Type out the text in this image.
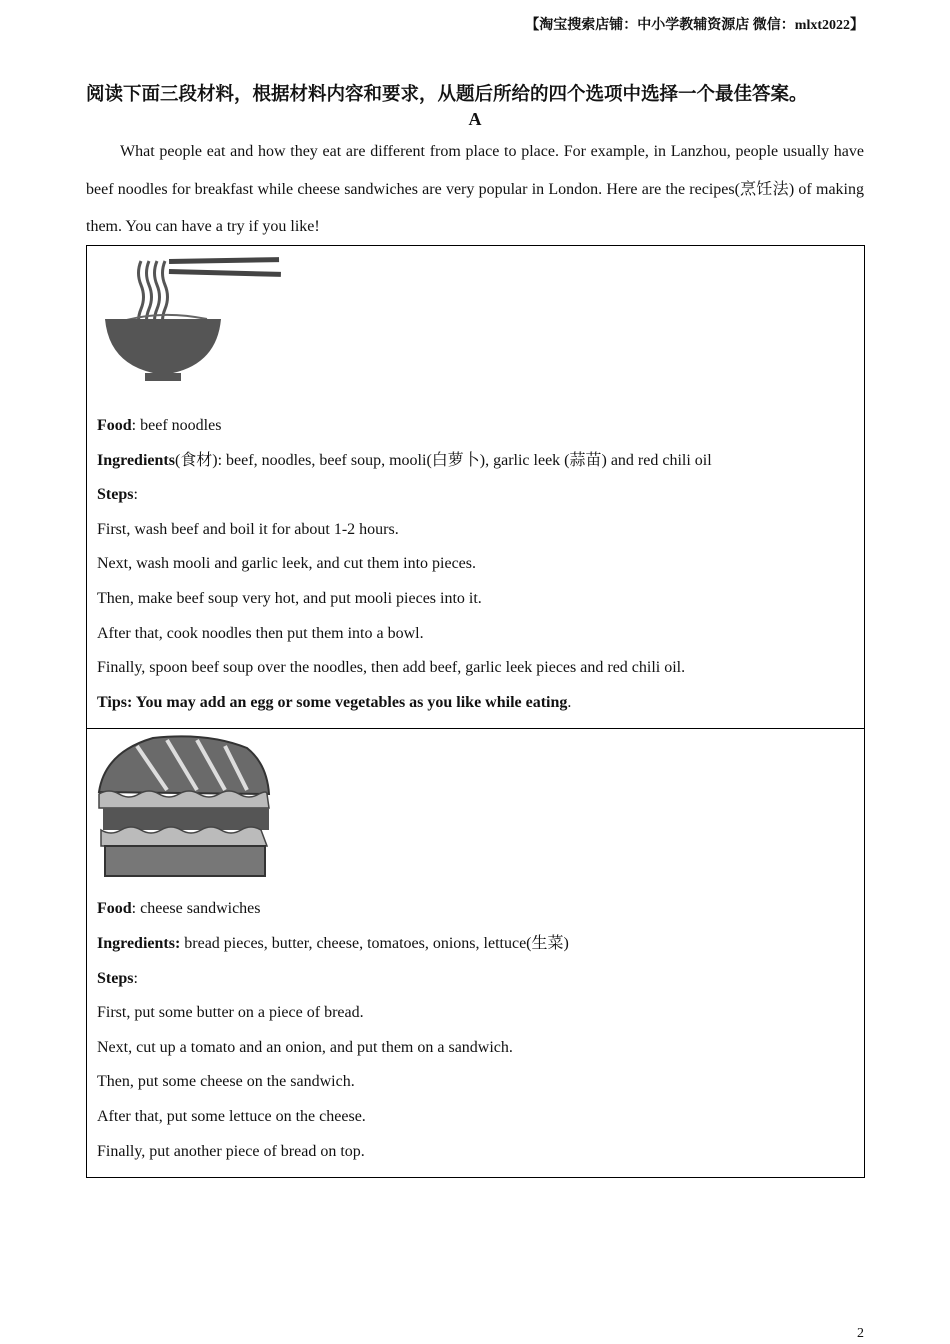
【淘宝搜索店铺：中小学教辅资源店 微信：mlxt2022】
阅读下面三段材料，根据材料内容和要求，从题后所给的四个选项中选择一个最佳答案。
A

What people eat and how they eat are different from place to place. For example, in Lanzhou, people usually have beef noodles for breakfast while cheese sandwiches are very popular in London. Here are the recipes(烹饪法) of making them. You can have a try if you like!

Food: beef noodles
Ingredients(食材): beef, noodles, beef soup, mooli(白萝卜), garlic leek (蒜苗) and red chili oil
Steps:
First, wash beef and boil it for about 1-2 hours.
Next, wash mooli and garlic leek, and cut them into pieces.
Then, make beef soup very hot, and put mooli pieces into it.
After that, cook noodles then put them into a bowl.
Finally, spoon beef soup over the noodles, then add beef, garlic leek pieces and red chili oil.
Tips: You may add an egg or some vegetables as you like while eating.

Food: cheese sandwiches
Ingredients: bread pieces, butter, cheese, tomatoes, onions, lettuce(生菜)
Steps:
First, put some butter on a piece of bread.
Next, cut up a tomato and an onion, and put them on a sandwich.
Then, put some cheese on the sandwich.
After that, put some lettuce on the cheese.
Finally, put another piece of bread on top.
2
